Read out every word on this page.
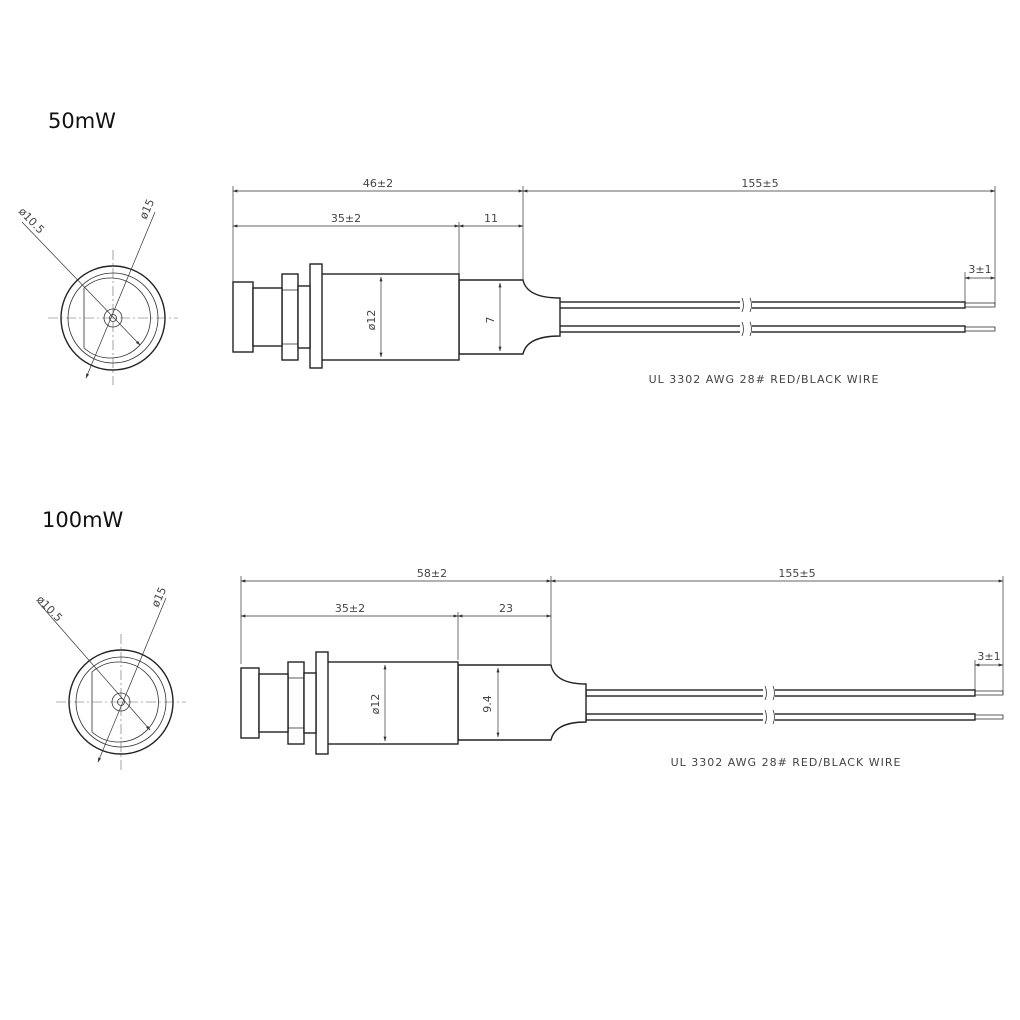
50mW
ø10.5	ø15
46±2	155±5
35±2	11
3±1
7
ø12
UL 3302 AWG 28# RED/BLACK WIRE
100mW
ø10.5	ø15
58±2	155±5
35±2	23
3±1
9.4
ø12
UL 3302 AWG 28# RED/BLACK WIRE
